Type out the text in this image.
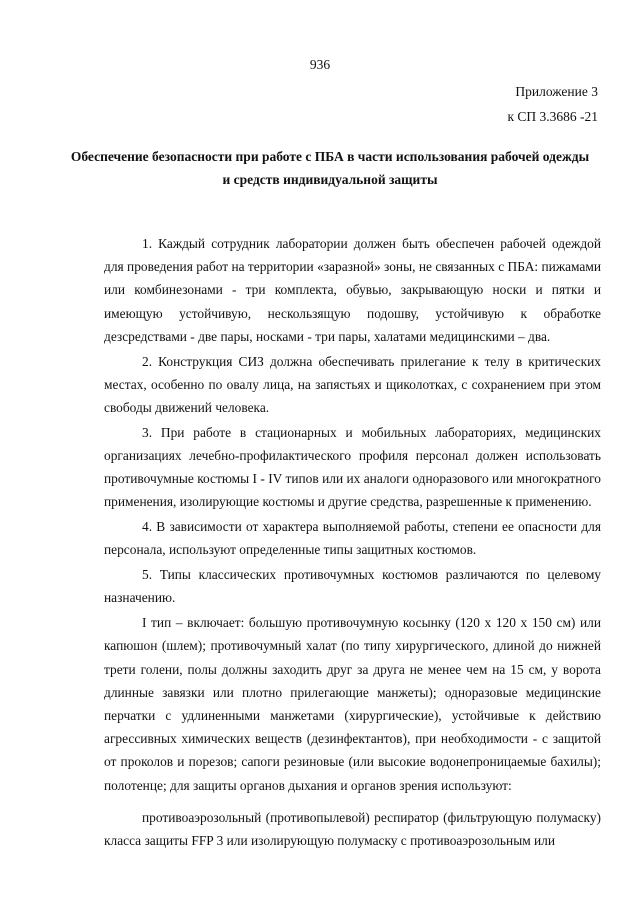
936
Приложение 3
к СП 3.3686 -21
Обеспечение безопасности при работе с ПБА в части использования рабочей одежды
и средств индивидуальной защиты

1. Каждый сотрудник лаборатории должен быть обеспечен рабочей одеждой для проведения работ на территории «заразной» зоны, не связанных с ПБА: пижамами или комбинезонами - три комплекта, обувью, закрывающую носки и пятки и имеющую устойчивую, нескользящую подошву, устойчивую к обработке дезсредствами - две пары, носками - три пары, халатами медицинскими – два.

2. Конструкция СИЗ должна обеспечивать прилегание к телу в критических местах, особенно по овалу лица, на запястьях и щиколотках, с сохранением при этом свободы движений человека.

3. При работе в стационарных и мобильных лабораториях, медицинских организациях лечебно-профилактического профиля персонал должен использовать противочумные костюмы I - IV типов или их аналоги одноразового или многократного применения, изолирующие костюмы и другие средства, разрешенные к применению.

4. В зависимости от характера выполняемой работы, степени ее опасности для персонала, используют определенные типы защитных костюмов.

5. Типы классических противочумных костюмов различаются по целевому назначению.

I тип – включает: большую противочумную косынку (120 х 120 х 150 см) или капюшон (шлем); противочумный халат (по типу хирургического, длиной до нижней трети голени, полы должны заходить друг за друга не менее чем на 15 см, у ворота длинные завязки или плотно прилегающие манжеты); одноразовые медицинские перчатки с удлиненными манжетами (хирургические), устойчивые к действию агрессивных химических веществ (дезинфектантов), при необходимости - с защитой от проколов и порезов; сапоги резиновые (или высокие водонепроницаемые бахилы); полотенце; для защиты органов дыхания и органов зрения используют:

противоаэрозольный (противопылевой) респиратор (фильтрующую полумаску) класса защиты FFP 3 или изолирующую полумаску с противоаэрозольным или
